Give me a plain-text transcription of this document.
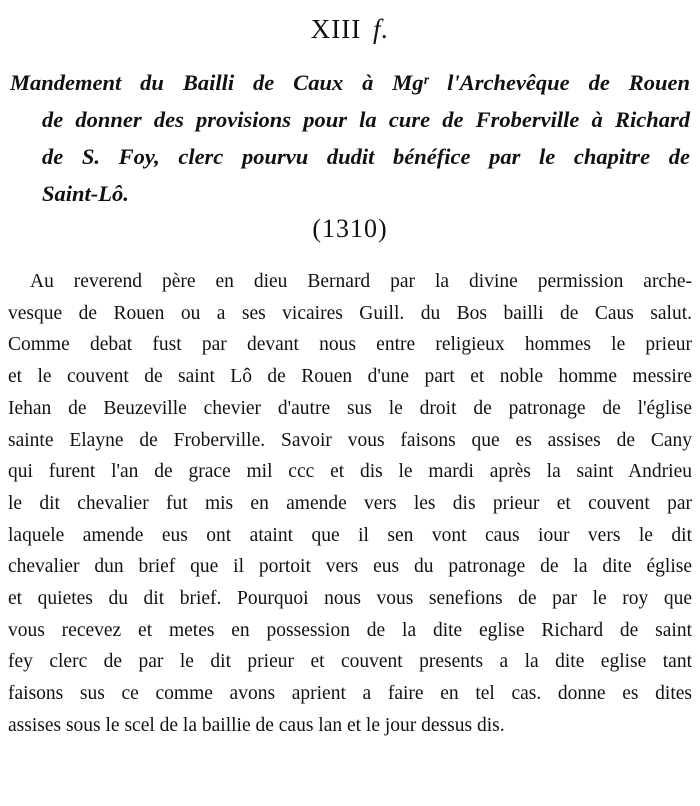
XIII f.
Mandement du Bailli de Caux à Mgʳ l'Archevêque de Rouen
de donner des provisions pour la cure de Froberville à Richard
de S. Foy, clerc pourvu dudit bénéfice par le chapitre de
Saint-Lô.
(1310)
Au reverend père en dieu Bernard par la divine permission arche-
vesque de Rouen ou a ses vicaires Guill. du Bos bailli de Caus salut.
Comme debat fust par devant nous entre religieux hommes le prieur
et le couvent de saint Lô de Rouen d'une part et noble homme messire
Iehan de Beuzeville chevier d'autre sus le droit de patronage de l'église
sainte Elayne de Froberville. Savoir vous faisons que es assises de Cany
qui furent l'an de grace mil ccc et dis le mardi après la saint Andrieu
le dit chevalier fut mis en amende vers les dis prieur et couvent par
laquele amende eus ont ataint que il sen vont caus iour vers le dit
chevalier dun brief que il portoit vers eus du patronage de la dite église
et quietes du dit brief. Pourquoi nous vous senefions de par le roy que
vous recevez et metes en possession de la dite eglise Richard de saint
fey clerc de par le dit prieur et couvent presents a la dite eglise tant
faisons sus ce comme avons aprient a faire en tel cas. donne es dites
assises sous le scel de la baillie de caus lan et le jour dessus dis.
